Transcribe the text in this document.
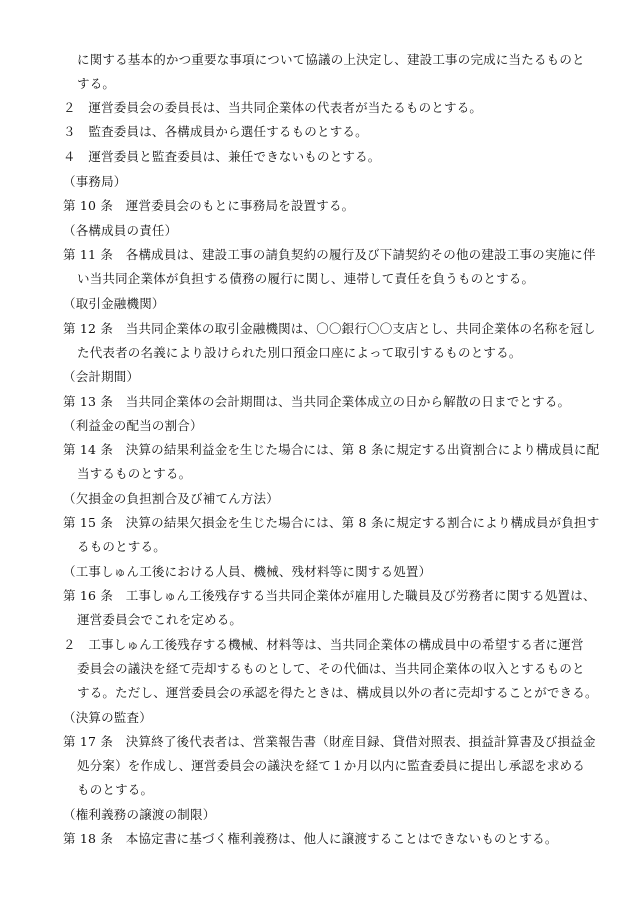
に関する基本的かつ重要な事項について協議の上決定し、建設工事の完成に当たるものと
する。
２　運営委員会の委員長は、当共同企業体の代表者が当たるものとする。
３　監査委員は、各構成員から選任するものとする。
４　運営委員と監査委員は、兼任できないものとする。
（事務局）
第 10 条　運営委員会のもとに事務局を設置する。
（各構成員の責任）
第 11 条　各構成員は、建設工事の請負契約の履行及び下請契約その他の建設工事の実施に伴
い当共同企業体が負担する債務の履行に関し、連帯して責任を負うものとする。
（取引金融機関）
第 12 条　当共同企業体の取引金融機関は、〇〇銀行〇〇支店とし、共同企業体の名称を冠し
た代表者の名義により設けられた別口預金口座によって取引するものとする。
（会計期間）
第 13 条　当共同企業体の会計期間は、当共同企業体成立の日から解散の日までとする。
（利益金の配当の割合）
第 14 条　決算の結果利益金を生じた場合には、第 8 条に規定する出資割合により構成員に配
当するものとする。
（欠損金の負担割合及び補てん方法）
第 15 条　決算の結果欠損金を生じた場合には、第 8 条に規定する割合により構成員が負担す
るものとする。
（工事しゅん工後における人員、機械、残材料等に関する処置）
第 16 条　工事しゅん工後残存する当共同企業体が雇用した職員及び労務者に関する処置は、
運営委員会でこれを定める。
２　工事しゅん工後残存する機械、材料等は、当共同企業体の構成員中の希望する者に運営
委員会の議決を経て売却するものとして、その代価は、当共同企業体の収入とするものと
する。ただし、運営委員会の承認を得たときは、構成員以外の者に売却することができる。
（決算の監査）
第 17 条　決算終了後代表者は、営業報告書（財産目録、貸借対照表、損益計算書及び損益金
処分案）を作成し、運営委員会の議決を経て１か月以内に監査委員に提出し承認を求める
ものとする。
（権利義務の譲渡の制限）
第 18 条　本協定書に基づく権利義務は、他人に譲渡することはできないものとする。
